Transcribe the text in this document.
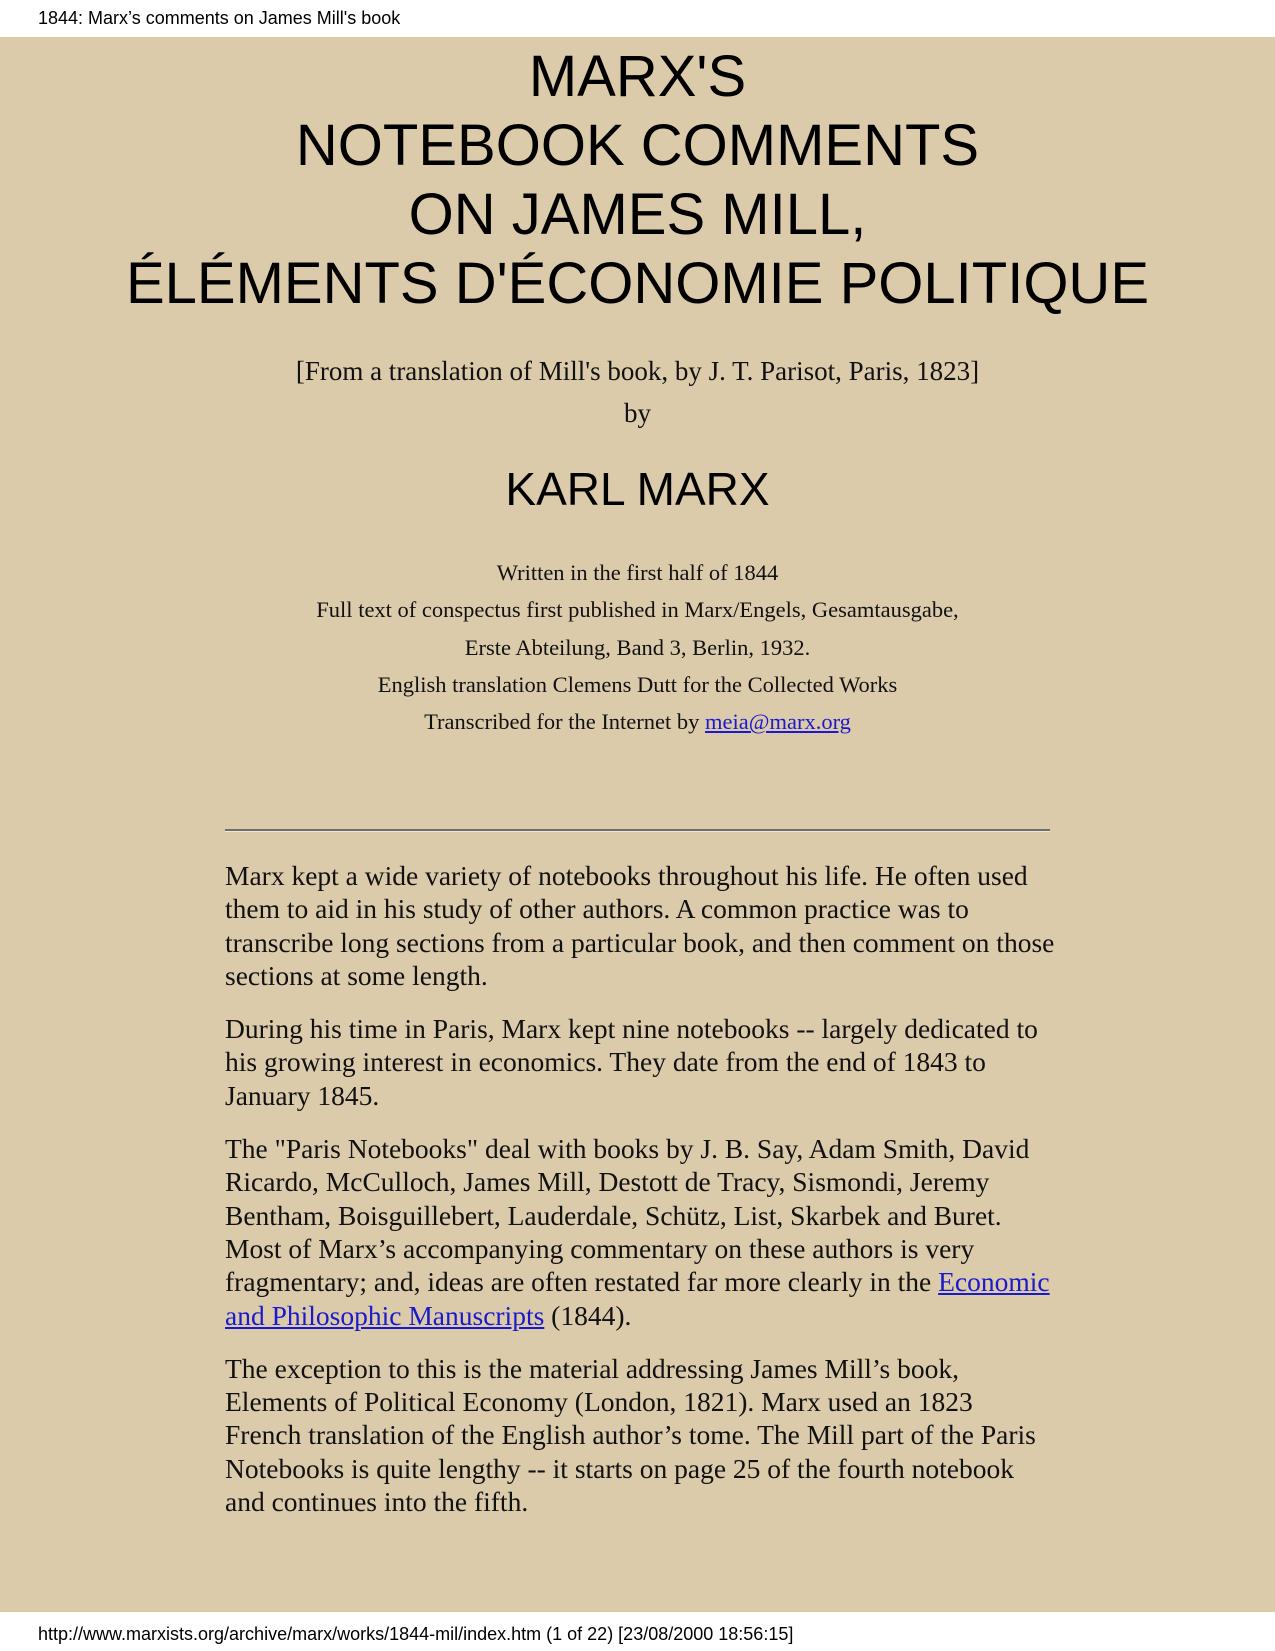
1844: Marx’s comments on James Mill's book
MARX'S
NOTEBOOK COMMENTS
ON JAMES MILL,
ÉLÉMENTS D'ÉCONOMIE POLITIQUE
[From a translation of Mill's book, by J. T. Parisot, Paris, 1823]
by
KARL MARX
Written in the first half of 1844
Full text of conspectus first published in Marx/Engels, Gesamtausgabe,
Erste Abteilung, Band 3, Berlin, 1932.
English translation Clemens Dutt for the Collected Works
Transcribed for the Internet by meia@marx.org

Marx kept a wide variety of notebooks throughout his life. He often used them to aid in his study of other authors. A common practice was to transcribe long sections from a particular book, and then comment on those sections at some length.

During his time in Paris, Marx kept nine notebooks -- largely dedicated to his growing interest in economics. They date from the end of 1843 to January 1845.

The "Paris Notebooks" deal with books by J. B. Say, Adam Smith, David Ricardo, McCulloch, James Mill, Destott de Tracy, Sismondi, Jeremy Bentham, Boisguillebert, Lauderdale, Schütz, List, Skarbek and Buret. Most of Marx’s accompanying commentary on these authors is very fragmentary; and, ideas are often restated far more clearly in the Economic and Philosophic Manuscripts (1844).

The exception to this is the material addressing James Mill’s book, Elements of Political Economy (London, 1821). Marx used an 1823 French translation of the English author’s tome. The Mill part of the Paris Notebooks is quite lengthy -- it starts on page 25 of the fourth notebook and continues into the fifth.

http://www.marxists.org/archive/marx/works/1844-mil/index.htm (1 of 22) [23/08/2000 18:56:15]
